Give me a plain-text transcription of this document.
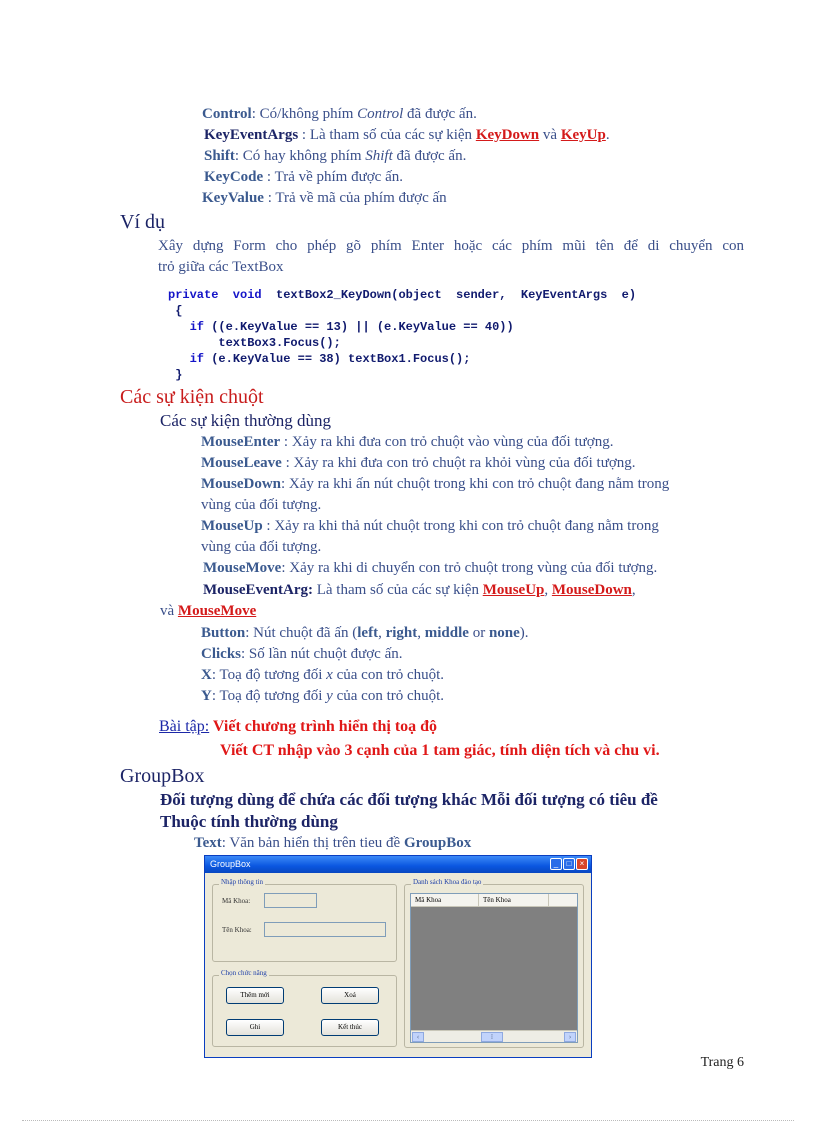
Control: Có/không phím Control đã được ấn.
KeyEventArgs : Là tham số của các sự kiện KeyDown và KeyUp.
Shift: Có hay không phím Shift đã được ấn.
KeyCode : Trả về phím được ấn.
KeyValue : Trả về mã của phím được ấn
Ví dụ
Xây dựng Form cho phép gõ phím Enter hoặc các phím mũi tên để di chuyển con
trỏ giữa các TextBox
private  void  textBox2_KeyDown(object  sender,  KeyEventArgs  e)
{
if ((e.KeyValue == 13) || (e.KeyValue == 40))
textBox3.Focus();
if (e.KeyValue == 38) textBox1.Focus();
}
Các sự kiện chuột
Các sự kiện thường dùng
MouseEnter : Xảy ra khi đưa con trỏ chuột vào vùng của đối tượng.
MouseLeave : Xảy ra khi đưa con trỏ chuột ra khỏi vùng của đối tượng.
MouseDown: Xảy ra khi ấn nút chuột trong khi con trỏ chuột đang nằm trong
vùng của đối tượng.
MouseUp : Xảy ra khi thả nút chuột trong khi con trỏ chuột đang nằm trong
vùng của đối tượng.
MouseMove: Xảy ra khi di chuyển con trỏ chuột trong vùng của đối tượng.
MouseEventArg: Là tham số của các sự kiện MouseUp, MouseDown,
và MouseMove
Button: Nút chuột đã ấn (left, right, middle or none).
Clicks: Số lần nút chuột được ấn.
X: Toạ độ tương đối x của con trỏ chuột.
Y: Toạ độ tương đối y của con trỏ chuột.
Bài tập: Viết chương trình hiển thị toạ độ
Viết CT nhập vào 3 cạnh của 1 tam giác, tính diện tích và chu vi.
GroupBox
Đối tượng dùng để chứa các đối tượng khác Mỗi đối tượng có tiêu đề
Thuộc tính thường dùng
Text: Văn bản hiển thị trên tieu đề GroupBox
GroupBox	_	□	×
Nhập thông tin
Mã Khoa:
Tên Khoa:
Chọn chức năng
Thêm mới	Xoá
Ghi	Kết thúc
Danh sách Khoa đào tạo
Mã Khoa	Tên Khoa
‹	⁞	›
Trang 6
